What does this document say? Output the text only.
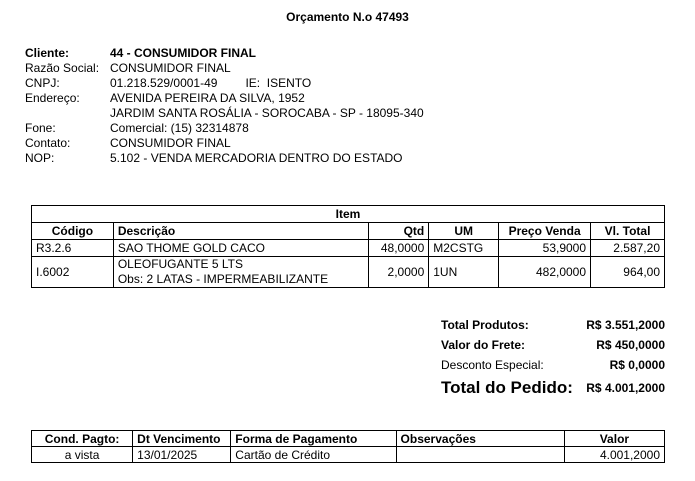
Orçamento N.o 47493
Cliente:	44 - CONSUMIDOR FINAL
Razão Social: CONSUMIDOR FINAL
CNPJ:	01.218.529/0001-49 IE: ISENTO
Endereço:	AVENIDA PEREIRA DA SILVA, 1952
JARDIM SANTA ROSÁLIA - SOROCABA - SP - 18095-340
Fone:	Comercial: (15) 32314878
Contato:	CONSUMIDOR FINAL
NOP:	5.102 - VENDA MERCADORIA DENTRO DO ESTADO
Item					
Código	Descrição	Qtd	UM	Preço Venda	Vl. Total
R3.2.6	SAO THOME GOLD CACO	48,0000	M2CSTG	53,9000	2.587,20
I.6002	OLEOFUGANTE 5 LTS
Obs: 2 LATAS - IMPERMEABILIZANTE	2,0000	1UN	482,0000	964,00
Total Produtos:	R$ 3.551,2000
Valor do Frete:	R$ 450,0000
Desconto Especial:	R$ 0,0000
Total do Pedido: R$ 4.001,2000
Cond. Pagto:	Dt Vencimento	Forma de Pagamento	Observações	Valor
a vista	13/01/2025	Cartão de Crédito		4.001,2000
